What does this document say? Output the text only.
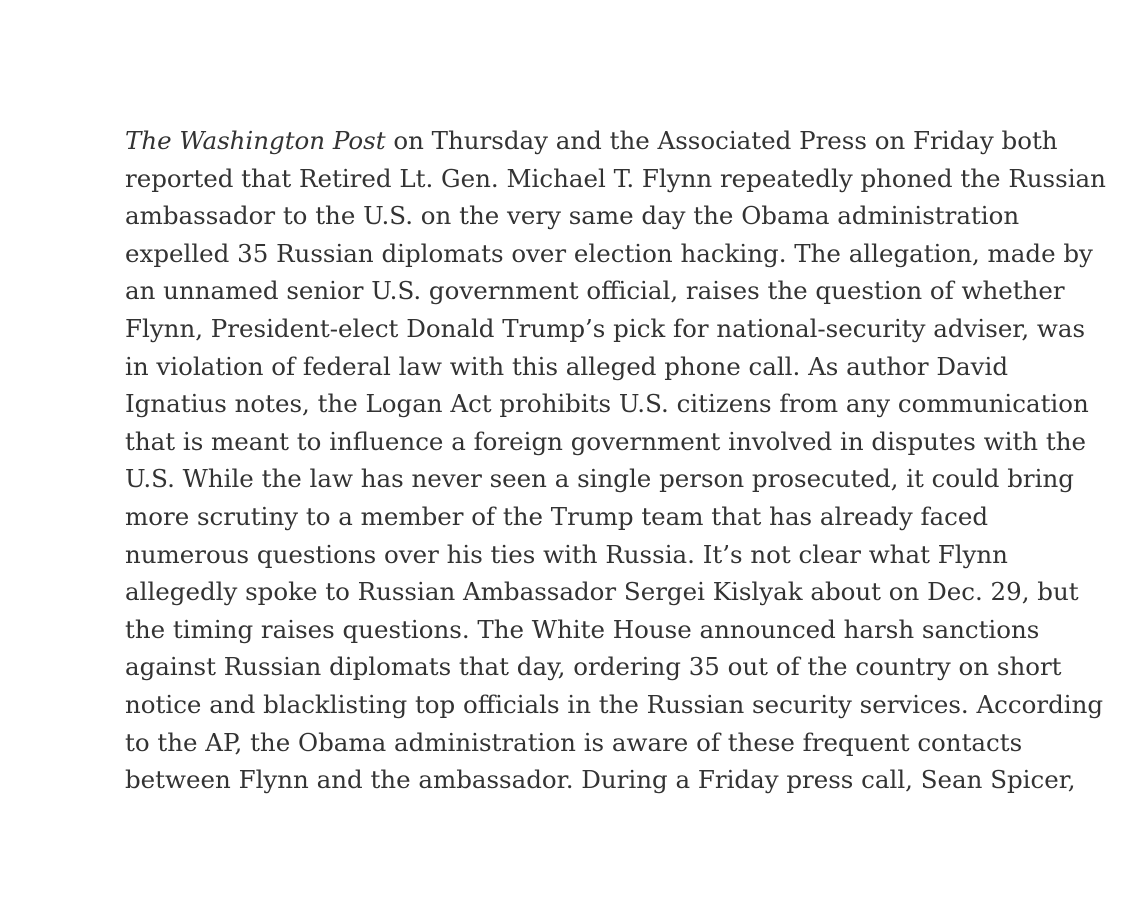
The Washington Post on Thursday and the Associated Press on Friday both
reported that Retired Lt. Gen. Michael T. Flynn repeatedly phoned the Russian
ambassador to the U.S. on the very same day the Obama administration
expelled 35 Russian diplomats over election hacking. The allegation, made by
an unnamed senior U.S. government official, raises the question of whether
Flynn, President-elect Donald Trump’s pick for national-security adviser, was
in violation of federal law with this alleged phone call. As author David
Ignatius notes, the Logan Act prohibits U.S. citizens from any communication
that is meant to influence a foreign government involved in disputes with the
U.S. While the law has never seen a single person prosecuted, it could bring
more scrutiny to a member of the Trump team that has already faced
numerous questions over his ties with Russia. It’s not clear what Flynn
allegedly spoke to Russian Ambassador Sergei Kislyak about on Dec. 29, but
the timing raises questions. The White House announced harsh sanctions
against Russian diplomats that day, ordering 35 out of the country on short
notice and blacklisting top officials in the Russian security services. According
to the AP, the Obama administration is aware of these frequent contacts
between Flynn and the ambassador. During a Friday press call, Sean Spicer,
